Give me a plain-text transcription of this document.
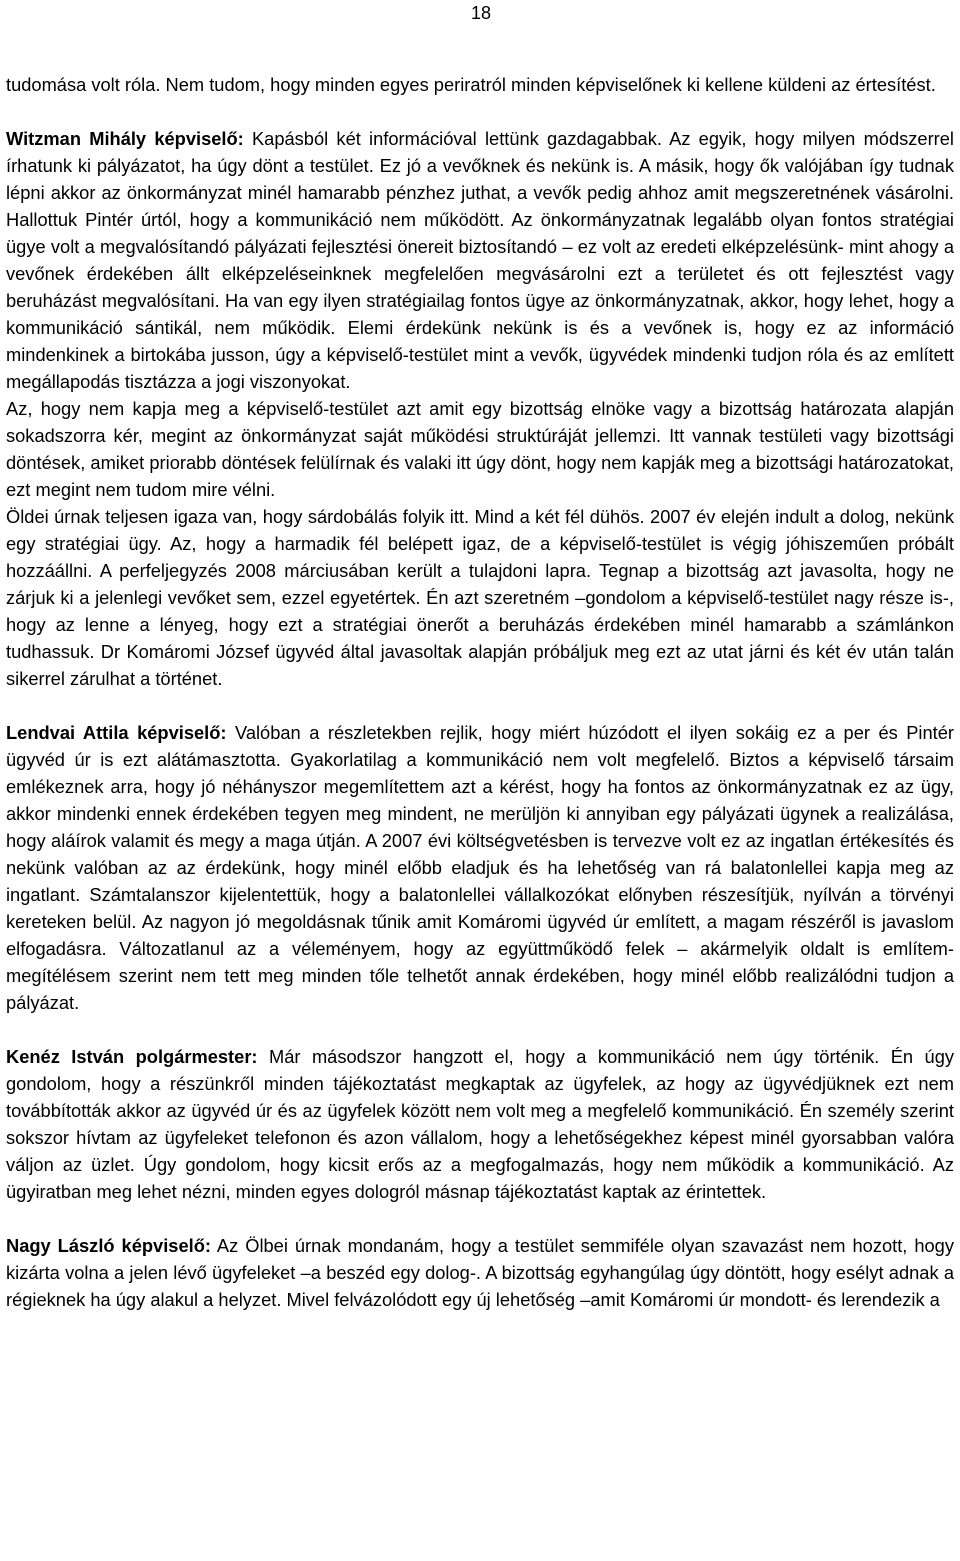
18

tudomása volt róla. Nem tudom, hogy minden egyes periratról minden képviselőnek ki kellene küldeni az értesítést.

Witzman Mihály képviselő: Kapásból két információval lettünk gazdagabbak. Az egyik, hogy milyen módszerrel írhatunk ki pályázatot, ha úgy dönt a testület. Ez jó a vevőknek és nekünk is. A másik, hogy ők valójában így tudnak lépni akkor az önkormányzat minél hamarabb pénzhez juthat, a vevők pedig ahhoz amit megszeretnének vásárolni. Hallottuk Pintér úrtól, hogy a kommunikáció nem működött. Az önkormányzatnak legalább olyan fontos stratégiai ügye volt a megvalósítandó pályázati fejlesztési önereit biztosítandó – ez volt az eredeti elképzelésünk- mint ahogy a vevőnek érdekében állt elképzeléseinknek megfelelően megvásárolni ezt a területet és ott fejlesztést vagy beruházást megvalósítani. Ha van egy ilyen stratégiailag fontos ügye az önkormányzatnak, akkor, hogy lehet, hogy a kommunikáció sántikál, nem működik. Elemi érdekünk nekünk is és a vevőnek is, hogy ez az információ mindenkinek a birtokába jusson, úgy a képviselő-testület mint a vevők, ügyvédek mindenki tudjon róla és az említett megállapodás tisztázza a jogi viszonyokat.

Az, hogy nem kapja meg a képviselő-testület azt amit egy bizottság elnöke vagy a bizottság határozata alapján sokadszorra kér, megint az önkormányzat saját működési struktúráját jellemzi. Itt vannak testületi vagy bizottsági döntések, amiket priorabb döntések felülírnak és valaki itt úgy dönt, hogy nem kapják meg a bizottsági határozatokat, ezt megint nem tudom mire vélni.

Öldei úrnak teljesen igaza van, hogy sárdobálás folyik itt. Mind a két fél dühös. 2007 év elején indult a dolog, nekünk egy stratégiai ügy. Az, hogy a harmadik fél belépett igaz, de a képviselő-testület is végig jóhiszeműen próbált hozzáállni. A perfeljegyzés 2008 márciusában került a tulajdoni lapra. Tegnap a bizottság azt javasolta, hogy ne zárjuk ki a jelenlegi vevőket sem, ezzel egyetértek. Én azt szeretném –gondolom a képviselő-testület nagy része is-, hogy az lenne a lényeg, hogy ezt a stratégiai önerőt a beruházás érdekében minél hamarabb a számlánkon tudhassuk. Dr Komáromi József ügyvéd által javasoltak alapján próbáljuk meg ezt az utat járni és két év után talán sikerrel zárulhat a történet.

Lendvai Attila képviselő: Valóban a részletekben rejlik, hogy miért húzódott el ilyen sokáig ez a per és Pintér ügyvéd úr is ezt alátámasztotta. Gyakorlatilag a kommunikáció nem volt megfelelő. Biztos a képviselő társaim emlékeznek arra, hogy jó néhányszor megemlítettem azt a kérést, hogy ha fontos az önkormányzatnak ez az ügy, akkor mindenki ennek érdekében tegyen meg mindent, ne merüljön ki annyiban egy pályázati ügynek a realizálása, hogy aláírok valamit és megy a maga útján. A 2007 évi költségvetésben is tervezve volt ez az ingatlan értékesítés és nekünk valóban az az érdekünk, hogy minél előbb eladjuk és ha lehetőség van rá balatonlellei kapja meg az ingatlant. Számtalanszor kijelentettük, hogy a balatonlellei vállalkozókat előnyben részesítjük, nyílván a törvényi kereteken belül. Az nagyon jó megoldásnak tűnik amit Komáromi ügyvéd úr említett, a magam részéről is javaslom elfogadásra. Változatlanul az a véleményem, hogy az együttműködő felek – akármelyik oldalt is említem- megítélésem szerint nem tett meg minden tőle telhetőt annak érdekében, hogy minél előbb realizálódni tudjon a pályázat.

Kenéz István polgármester: Már másodszor hangzott el, hogy a kommunikáció nem úgy történik. Én úgy gondolom, hogy a részünkről minden tájékoztatást megkaptak az ügyfelek, az hogy az ügyvédjüknek ezt nem továbbították akkor az ügyvéd úr és az ügyfelek között nem volt meg a megfelelő kommunikáció. Én személy szerint sokszor hívtam az ügyfeleket telefonon és azon vállalom, hogy a lehetőségekhez képest minél gyorsabban valóra váljon az üzlet. Úgy gondolom, hogy kicsit erős az a megfogalmazás, hogy nem működik a kommunikáció. Az ügyiratban meg lehet nézni, minden egyes dologról másnap tájékoztatást kaptak az érintettek.

Nagy László képviselő: Az Ölbei úrnak mondanám, hogy a testület semmiféle olyan szavazást nem hozott, hogy kizárta volna a jelen lévő ügyfeleket –a beszéd egy dolog-. A bizottság egyhangúlag úgy döntött, hogy esélyt adnak a régieknek ha úgy alakul a helyzet. Mivel felvázolódott egy új lehetőség –amit Komáromi úr mondott- és lerendezik a
